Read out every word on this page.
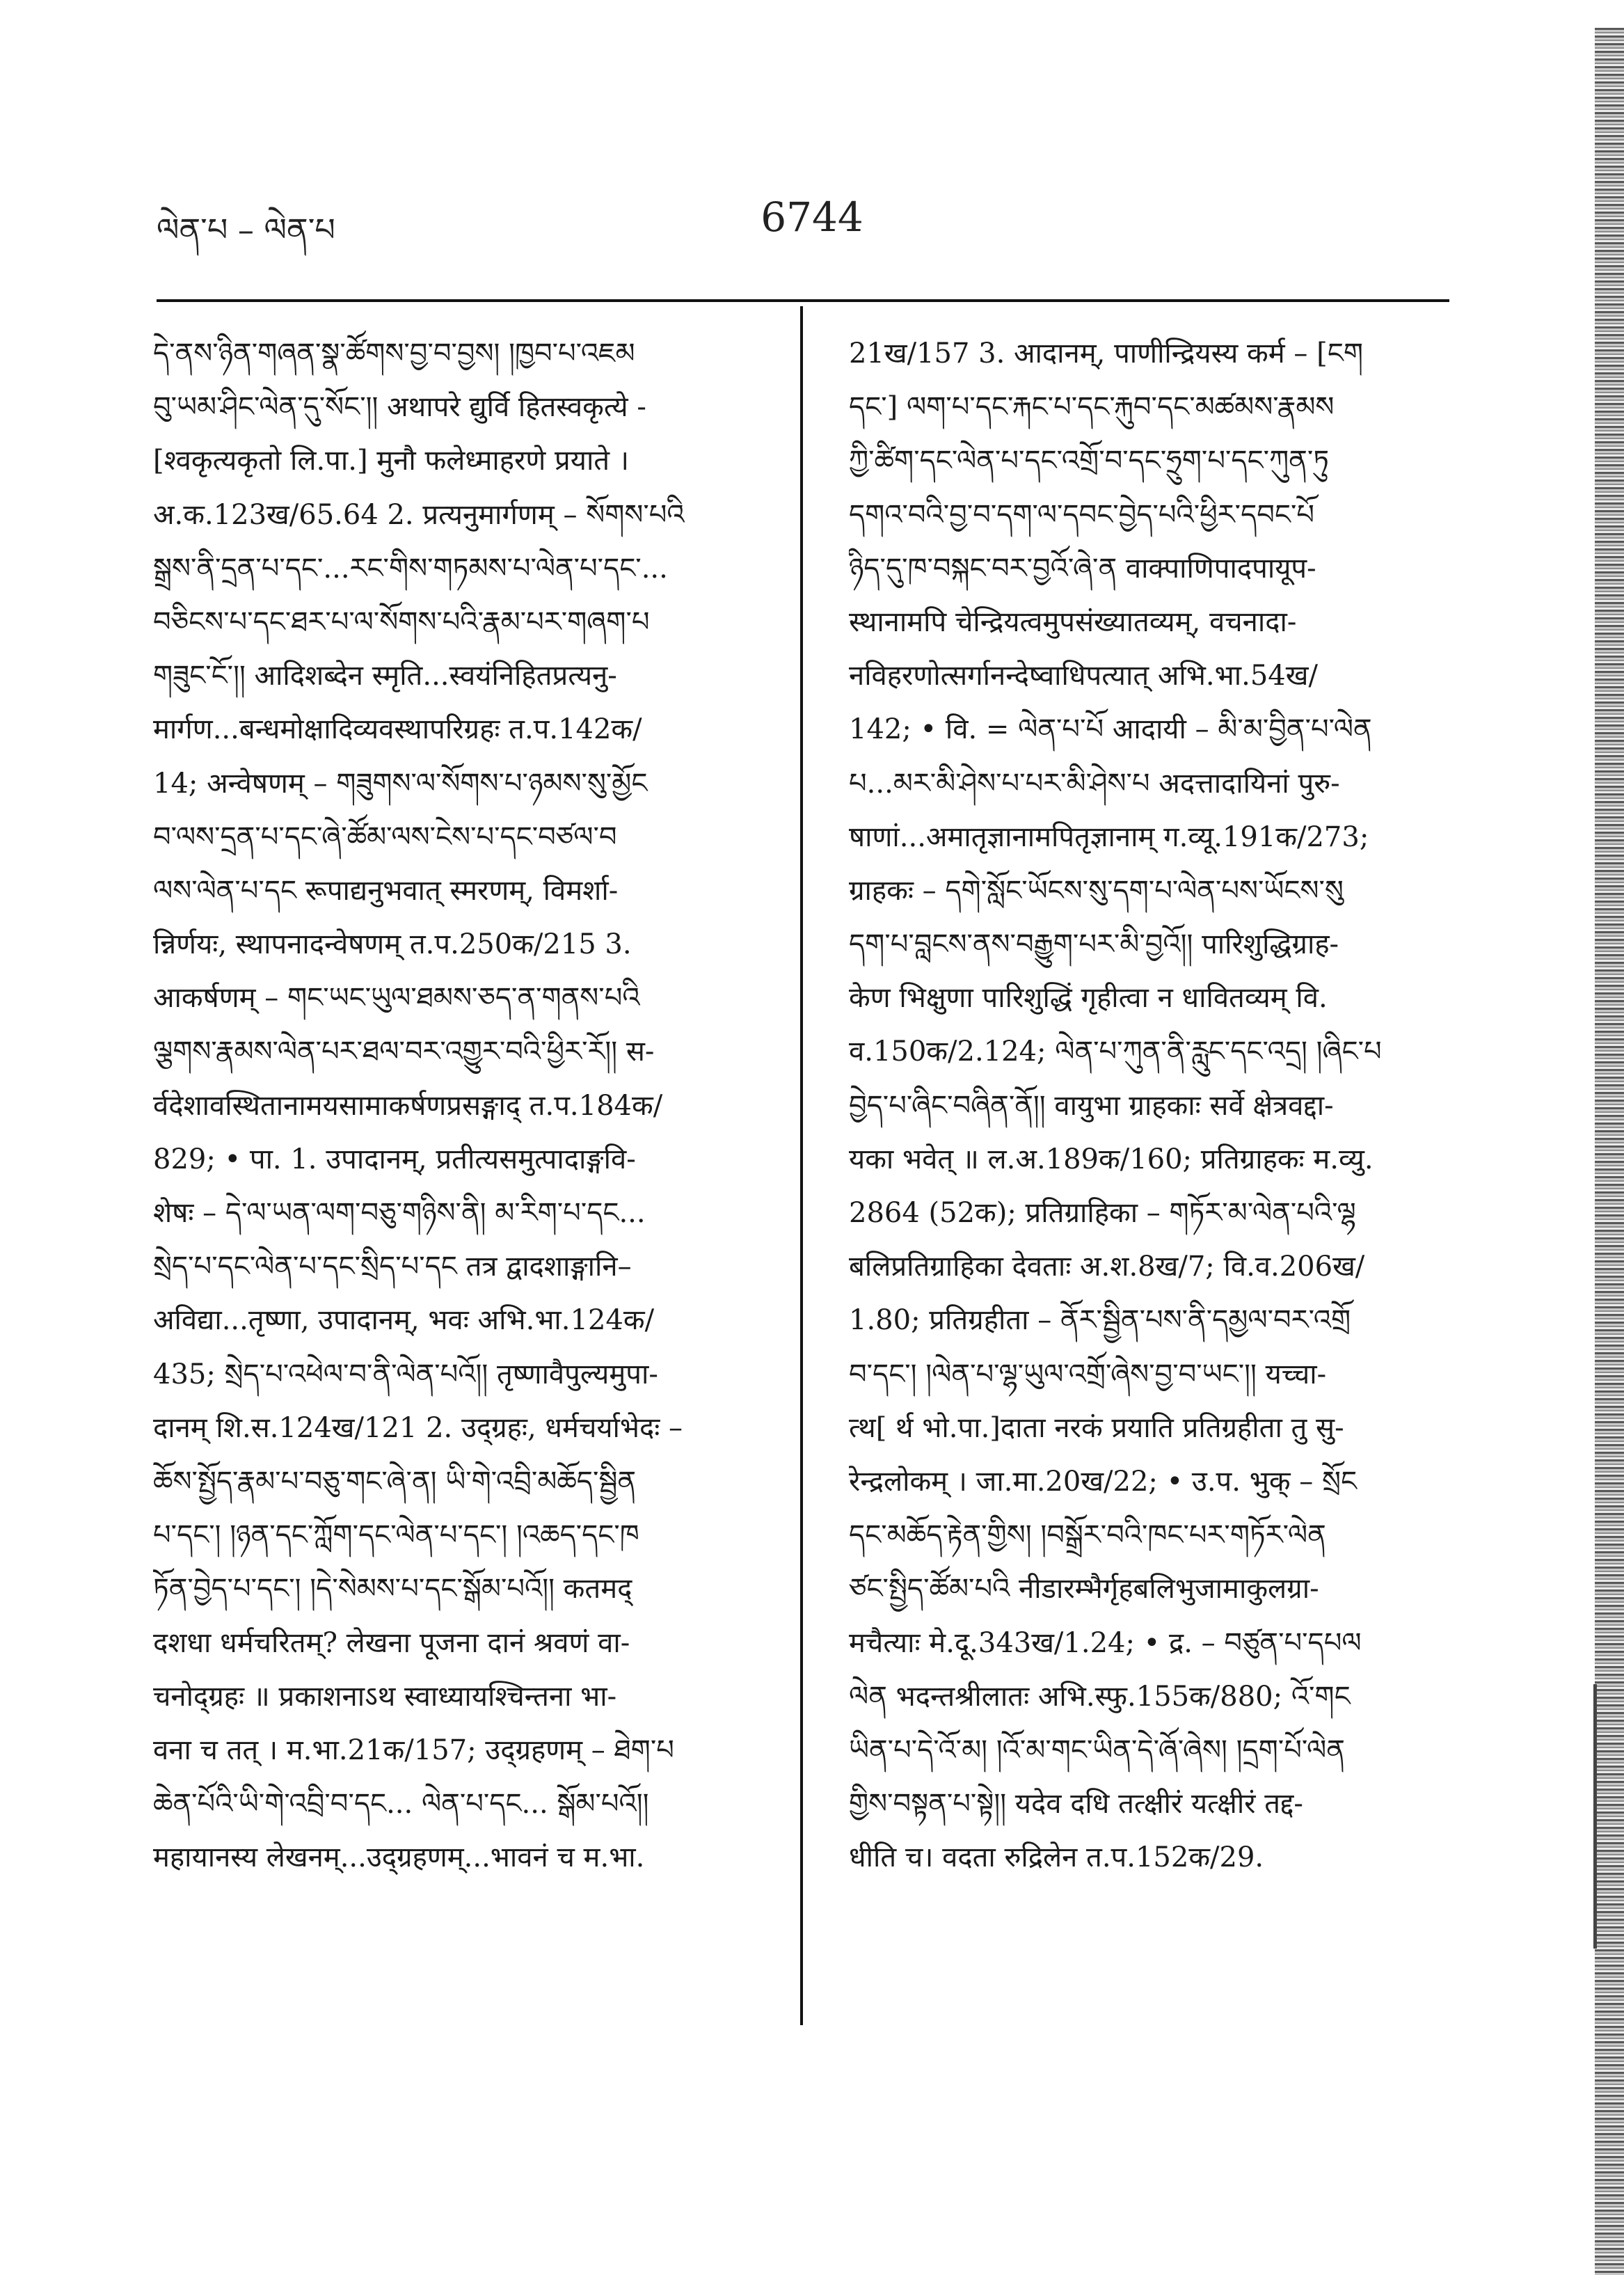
ལེན་པ – ལེན་པ	6744
དེ་ནས་ཉིན་གཞན་སྣ་ཚོགས་བྱ་བ་བྱས། །ཁྱབ་པ་འཇམ
བུ་ཡམ་ཤིང་ལེན་དུ་སོང་།། अथापरे द्युर्वि हितस्वकृत्ये -
[श्वकृत्यकृतो लि.पा.] मुनौ फलेध्माहरणे प्रयाते ।
अ.क.123ख/65.64 2. प्रत्यनुमार्गणम् – སོགས་པའི
སྒྲས་ནི་དྲན་པ་དང་...རང་གིས་གཏམས་པ་ལེན་པ་དང་...
བཅིངས་པ་དང་ཐར་པ་ལ་སོགས་པའི་རྣམ་པར་གཞག་པ
གཟུང་ངོ་།། आदिशब्देन स्मृति...स्वयंनिहितप्रत्यनु-
मार्गण...बन्धमोक्षादिव्यवस्थापरिग्रहः त.प.142क/
14; अन्वेषणम् – གཟུགས་ལ་སོགས་པ་ཉམས་སུ་མྱོང
བ་ལས་དྲན་པ་དང་ཞེ་ཚོམ་ལས་ངེས་པ་དང་བཙལ་བ
ལས་ལེན་པ་དང रूपाद्यनुभवात् स्मरणम्, विमर्शा-
न्निर्णयः, स्थापनादन्वेषणम् त.प.250क/215 3.
आकर्षणम् – གང་ཡང་ཡུལ་ཐམས་ཅད་ན་གནས་པའི
ལྕགས་རྣམས་ལེན་པར་ཐལ་བར་འགྱུར་བའི་ཕྱིར་རོ།། स-
र्वदेशावस्थितानामयसामाकर्षणप्रसङ्गाद् त.प.184क/
829; • पा. 1. उपादानम्, प्रतीत्यसमुत्पादाङ्गवि-
शेषः – དེ་ལ་ཡན་ལག་བཅུ་གཉིས་ནི། མ་རིག་པ་དང...
སྲེད་པ་དང་ལེན་པ་དང་སྲིད་པ་དང तत्र द्वादशाङ्गानि–
अविद्या...तृष्णा, उपादानम्, भवः अभि.भा.124क/
435; སྲེད་པ་འཕེལ་བ་ནི་ལེན་པའོ།། तृष्णावैपुल्यमुपा-
दानम् शि.स.124ख/121 2. उद्ग्रहः, धर्मचर्याभेदः –
ཆོས་སྤྱོད་རྣམ་པ་བཅུ་གང་ཞེ་ན། ཡི་གེ་འབྲི་མཆོད་སྦྱིན
པ་དང་། །ཉན་དང་ཀློག་དང་ལེན་པ་དང་། །འཆད་དང་ཁ
ཏོན་བྱེད་པ་དང་། །དེ་སེམས་པ་དང་སྒོམ་པའོ།། कतमद्
दशधा धर्मचरितम्? लेखना पूजना दानं श्रवणं वा-
चनोद्ग्रहः ॥ प्रकाशनाऽथ स्वाध्यायश्चिन्तना भा-
वना च तत् । म.भा.21क/157; उद्ग्रहणम् – ཐེག་པ
ཆེན་པོའི་ཡི་གེ་འབྲི་བ་དང... ལེན་པ་དང... སྒོམ་པའོ།།
महायानस्य लेखनम्...उद्ग्रहणम्...भावनं च म.भा.
21ख/157 3. आदानम्, पाणीन्द्रियस्य कर्म – [ངག
དང་] ལག་པ་དང་རྐང་པ་དང་རྐུབ་དང་མཚམས་རྣམས
ཀྱི་ཚིག་དང་ལེན་པ་དང་འགྲོ་བ་དང་ཧྲུག་པ་དང་ཀུན་ཏུ
དགའ་བའི་བྱ་བ་དག་ལ་དབང་བྱེད་པའི་ཕྱིར་དབང་པོ
ཉིད་དུ་ཁ་བསྐང་བར་བྱའོ་ཞེ་ན वाक्पाणिपादपायूप-
स्थानामपि चेन्द्रियत्वमुपसंख्यातव्यम्, वचनादा-
नविहरणोत्सर्गानन्देष्वाधिपत्यात् अभि.भा.54ख/
142; • वि. = ལེན་པ་པོ आदायी – མི་མ་བྱིན་པ་ལེན
པ...མར་མི་ཤེས་པ་པར་མི་ཤེས་པ अदत्तादायिनां पुरु-
षाणां...अमातृज्ञानामपितृज्ञानाम् ग.व्यू.191क/273;
ग्राहकः – དགེ་སློང་ཡོངས་སུ་དག་པ་ལེན་པས་ཡོངས་སུ
དག་པ་བླངས་ནས་བརྒྱུག་པར་མི་བྱའོ།། पारिशुद्धिग्राह-
केण भिक्षुणा पारिशुद्धिं गृहीत्वा न धावितव्यम् वि.
व.150क/2.124; ལེན་པ་ཀུན་ནི་རླུང་དང་འདྲ། །ཞིང་པ
བྱེད་པ་ཞིང་བཞིན་ནོ།། वायुभा ग्राहकाः सर्वे क्षेत्रवद्दा-
यका भवेत् ॥ ल.अ.189क/160; प्रतिग्राहकः म.व्यु.
2864 (52क); प्रतिग्राहिका – གཏོར་མ་ལེན་པའི་ལྷ
बलिप्रतिग्राहिका देवताः अ.श.8ख/7; वि.व.206ख/
1.80; प्रतिग्रहीता – ནོར་སྦྱིན་པས་ནི་དམྱལ་བར་འགྲོ
བ་དང་། །ལེན་པ་ལྷ་ཡུལ་འགྲོ་ཞེས་བྱ་བ་ཡང་།། यच्चा-
त्थ[ र्थ भो.पा.]दाता नरकं प्रयाति प्रतिग्रहीता तु सु-
रेन्द्रलोकम् । जा.मा.20ख/22; • उ.प. भुक् – སྲོང
དང་མཆོད་རྟེན་གྱིས། །བསྒྲོར་བའི་ཁང་པར་གཏོར་ལེན
ཙང་སྤྱིད་ཚོམ་པའི नीडारम्भैर्गृहबलिभुजामाकुलग्रा-
मचैत्याः मे.दू.343ख/1.24; • द्र. – བཙུན་པ་དཔལ
ལེན भदन्तश्रीलातः अभि.स्फु.155क/880; འོ་གང
ཡིན་པ་དེ་འོ་མ། །འོ་མ་གང་ཡིན་དེ་ཞོ་ཞེས། །དྲག་པོ་ལེན
གྱིས་བསྟན་པ་སྟེ།། यदेव दधि तत्क्षीरं यत्क्षीरं तद्द-
धीति च। वदता रुद्रिलेन त.प.152क/29.
